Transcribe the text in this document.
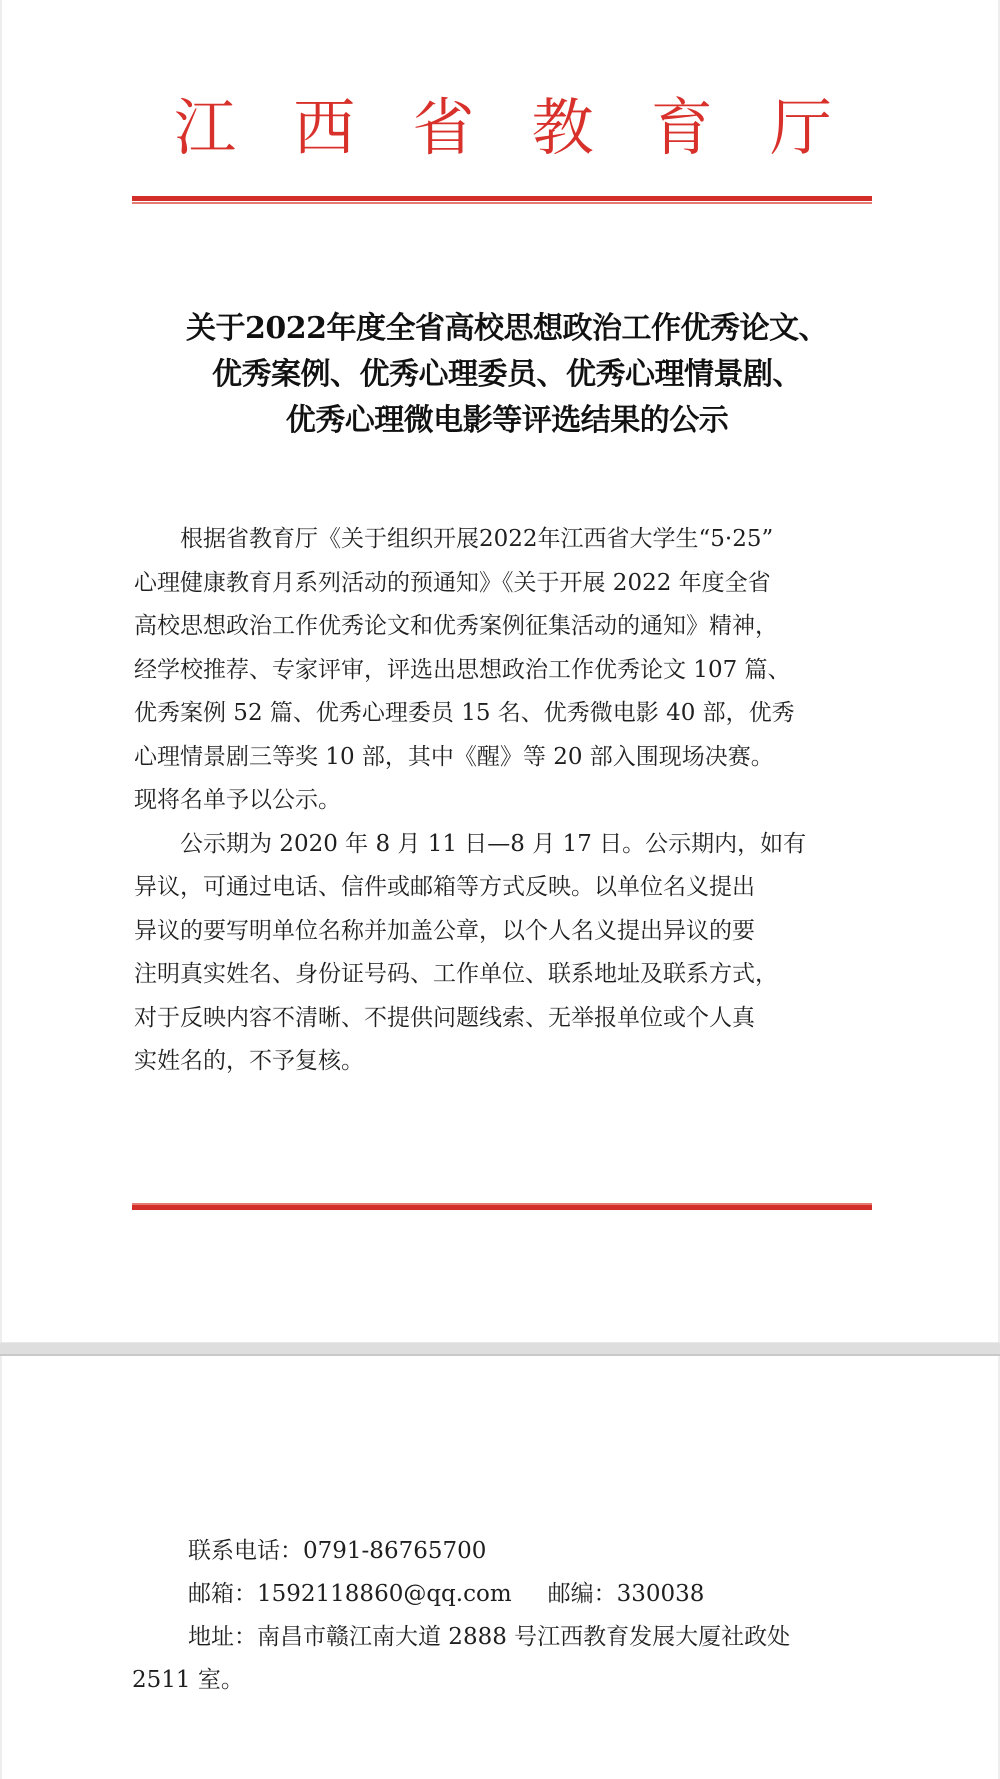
江 西 省 教 育 厅
关于2022年度全省高校思想政治工作优秀论文、
优秀案例、优秀心理委员、优秀心理情景剧、
优秀心理微电影等评选结果的公示
根据省教育厅《关于组织开展2022年江西省大学生“5·25”
心理健康教育月系列活动的预通知》《关于开展 2022 年度全省
高校思想政治工作优秀论文和优秀案例征集活动的通知》精神，
经学校推荐、专家评审，评选出思想政治工作优秀论文 107 篇、
优秀案例 52 篇、优秀心理委员 15 名、优秀微电影 40 部，优秀
心理情景剧三等奖 10 部，其中《醒》等 20 部入围现场决赛。
现将名单予以公示。
公示期为 2020 年 8 月 11 日—8 月 17 日。公示期内，如有
异议，可通过电话、信件或邮箱等方式反映。以单位名义提出
异议的要写明单位名称并加盖公章，以个人名义提出异议的要
注明真实姓名、身份证号码、工作单位、联系地址及联系方式，
对于反映内容不清晰、不提供问题线索、无举报单位或个人真
实姓名的，不予复核。
联系电话：0791-86765700
邮箱：1592118860@qq.com 邮编：330038
地址：南昌市赣江南大道 2888 号江西教育发展大厦社政处
2511 室。
